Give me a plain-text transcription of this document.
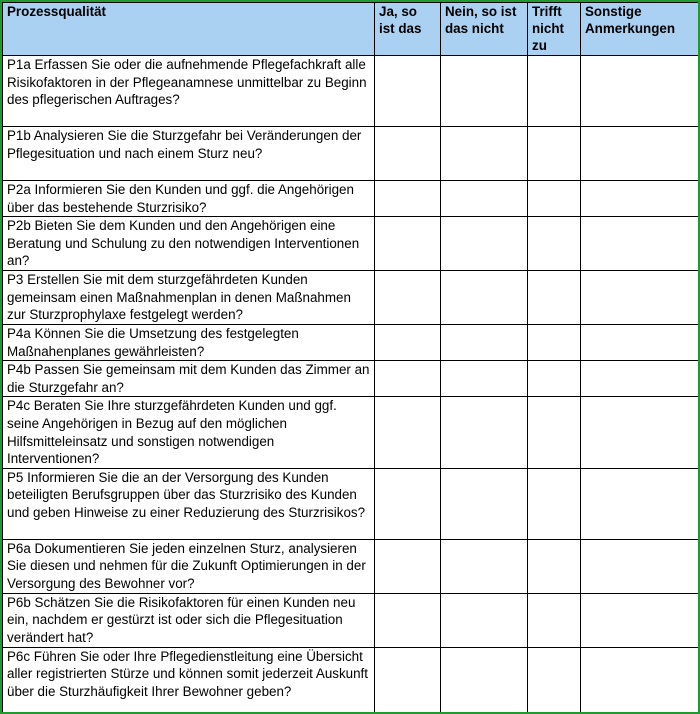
Prozessqualität	Ja, so ist das	Nein, so ist das nicht	Trifft nicht zu	Sonstige Anmerkungen
P1a Erfassen Sie oder die aufnehmende Pflegefachkraft alle Risikofaktoren in der Pflegeanamnese unmittelbar zu Beginn des pflegerischen Auftrages?				
P1b Analysieren Sie die Sturzgefahr bei Veränderungen der Pflegesituation und nach einem Sturz neu?				
P2a Informieren Sie den Kunden und ggf. die Angehörigen über das bestehende Sturzrisiko?				
P2b Bieten Sie dem Kunden und den Angehörigen eine Beratung und Schulung zu den notwendigen Interventionen an?				
P3 Erstellen Sie mit dem sturzgefährdeten Kunden gemeinsam einen Maßnahmenplan in denen Maßnahmen zur Sturzprophylaxe festgelegt werden?				
P4a Können Sie die Umsetzung des festgelegten Maßnahenplanes gewährleisten?				
P4b Passen Sie gemeinsam mit dem Kunden das Zimmer an die Sturzgefahr an?				
P4c Beraten Sie Ihre sturzgefährdeten Kunden und ggf. seine Angehörigen in Bezug auf den möglichen Hilfsmitteleinsatz und sonstigen notwendigen Interventionen?				
P5 Informieren Sie die an der Versorgung des Kunden beteiligten Berufsgruppen über das Sturzrisiko des Kunden und geben Hinweise zu einer Reduzierung des Sturzrisikos?				
P6a Dokumentieren Sie jeden einzelnen Sturz, analysieren Sie diesen und nehmen für die Zukunft Optimierungen in der Versorgung des Bewohner vor?				
P6b Schätzen Sie die Risikofaktoren für einen Kunden neu ein, nachdem er gestürzt ist oder sich die Pflegesituation verändert hat?				
P6c Führen Sie oder Ihre Pflegedienstleitung eine Übersicht aller registrierten Stürze und können somit jederzeit Auskunft über die Sturzhäufigkeit Ihrer Bewohner geben?				
